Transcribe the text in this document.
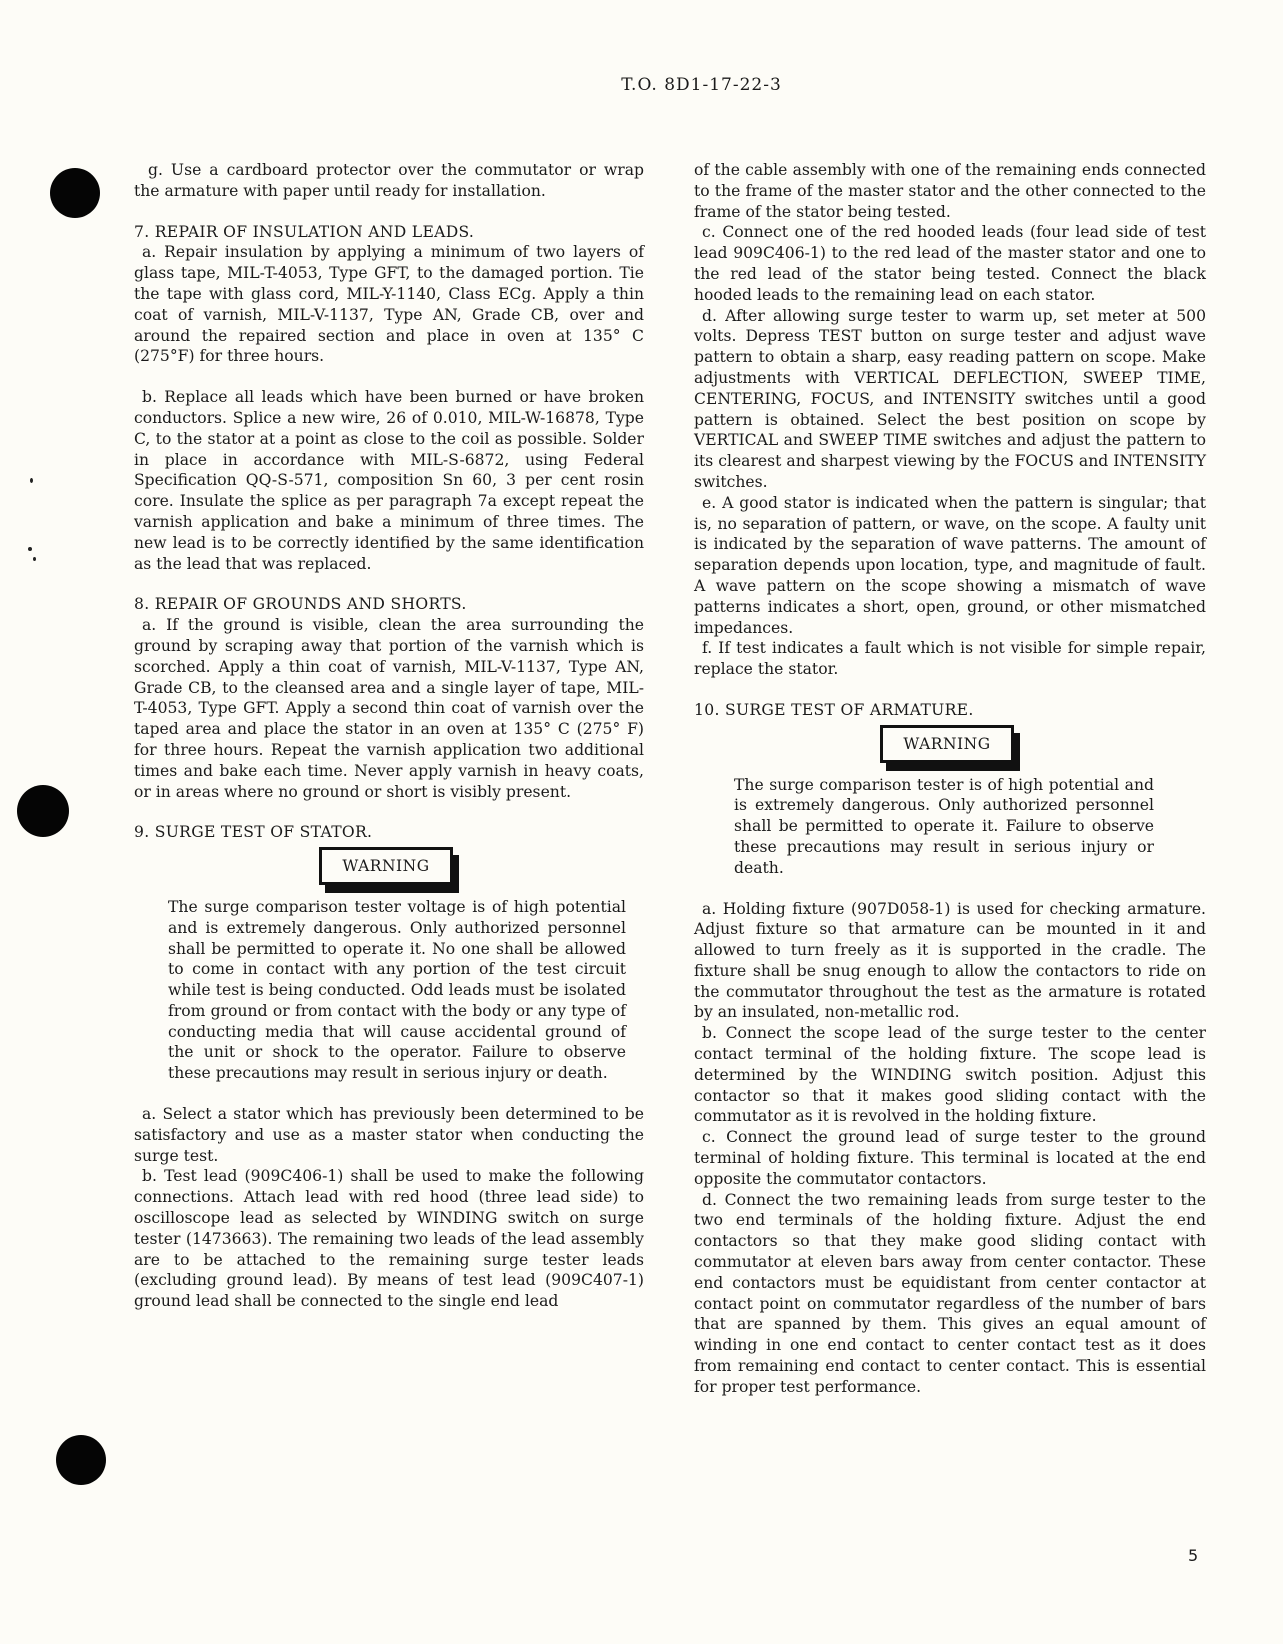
T.O. 8D1-17-22-3

g. Use a cardboard protector over the commutator or wrap the armature with paper until ready for installation.

7. REPAIR OF INSULATION AND LEADS.

a. Repair insulation by applying a minimum of two layers of glass tape, MIL-T-4053, Type GFT, to the damaged portion. Tie the tape with glass cord, MIL-Y-1140, Class ECg. Apply a thin coat of varnish, MIL-V-1137, Type AN, Grade CB, over and around the repaired section and place in oven at 135° C (275°F) for three hours.

b. Replace all leads which have been burned or have broken conductors. Splice a new wire, 26 of 0.010, MIL-W-16878, Type C, to the stator at a point as close to the coil as possible. Solder in place in accordance with MIL-S-6872, using Federal Specification QQ-S-571, composition Sn 60, 3 per cent rosin core. Insulate the splice as per paragraph 7a except repeat the varnish application and bake a minimum of three times. The new lead is to be correctly identified by the same identification as the lead that was replaced.

8. REPAIR OF GROUNDS AND SHORTS.

a. If the ground is visible, clean the area surrounding the ground by scraping away that portion of the varnish which is scorched. Apply a thin coat of varnish, MIL-V-1137, Type AN, Grade CB, to the cleansed area and a single layer of tape, MIL-T-4053, Type GFT. Apply a second thin coat of varnish over the taped area and place the stator in an oven at 135° C (275° F) for three hours. Repeat the varnish application two additional times and bake each time. Never apply varnish in heavy coats, or in areas where no ground or short is visibly present.

9. SURGE TEST OF STATOR.

WARNING

The surge comparison tester voltage is of high potential and is extremely dangerous. Only authorized personnel shall be permitted to operate it. No one shall be allowed to come in contact with any portion of the test circuit while test is being conducted. Odd leads must be isolated from ground or from contact with the body or any type of conducting media that will cause accidental ground of the unit or shock to the operator. Failure to observe these precautions may result in serious injury or death.

a. Select a stator which has previously been determined to be satisfactory and use as a master stator when conducting the surge test.

b. Test lead (909C406-1) shall be used to make the following connections. Attach lead with red hood (three lead side) to oscilloscope lead as selected by WINDING switch on surge tester (1473663). The remaining two leads of the lead assembly are to be attached to the remaining surge tester leads (excluding ground lead). By means of test lead (909C407-1) ground lead shall be connected to the single end lead

of the cable assembly with one of the remaining ends connected to the frame of the master stator and the other connected to the frame of the stator being tested.

c. Connect one of the red hooded leads (four lead side of test lead 909C406-1) to the red lead of the master stator and one to the red lead of the stator being tested. Connect the black hooded leads to the remaining lead on each stator.

d. After allowing surge tester to warm up, set meter at 500 volts. Depress TEST button on surge tester and adjust wave pattern to obtain a sharp, easy reading pattern on scope. Make adjustments with VERTICAL DEFLECTION, SWEEP TIME, CENTERING, FOCUS, and INTENSITY switches until a good pattern is obtained. Select the best position on scope by VERTICAL and SWEEP TIME switches and adjust the pattern to its clearest and sharpest viewing by the FOCUS and INTENSITY switches.

e. A good stator is indicated when the pattern is singular; that is, no separation of pattern, or wave, on the scope. A faulty unit is indicated by the separation of wave patterns. The amount of separation depends upon location, type, and magnitude of fault. A wave pattern on the scope showing a mismatch of wave patterns indicates a short, open, ground, or other mismatched impedances.

f. If test indicates a fault which is not visible for simple repair, replace the stator.

10. SURGE TEST OF ARMATURE.

WARNING

The surge comparison tester is of high potential and is extremely dangerous. Only authorized personnel shall be permitted to operate it. Failure to observe these precautions may result in serious injury or death.

a. Holding fixture (907D058-1) is used for checking armature. Adjust fixture so that armature can be mounted in it and allowed to turn freely as it is supported in the cradle. The fixture shall be snug enough to allow the contactors to ride on the commutator throughout the test as the armature is rotated by an insulated, non-metallic rod.

b. Connect the scope lead of the surge tester to the center contact terminal of the holding fixture. The scope lead is determined by the WINDING switch position. Adjust this contactor so that it makes good sliding contact with the commutator as it is revolved in the holding fixture.

c. Connect the ground lead of surge tester to the ground terminal of holding fixture. This terminal is located at the end opposite the commutator contactors.

d. Connect the two remaining leads from surge tester to the two end terminals of the holding fixture. Adjust the end contactors so that they make good sliding contact with commutator at eleven bars away from center contactor. These end contactors must be equidistant from center contactor at contact point on commutator regardless of the number of bars that are spanned by them. This gives an equal amount of winding in one end contact to center contact test as it does from remaining end contact to center contact. This is essential for proper test performance.

5
